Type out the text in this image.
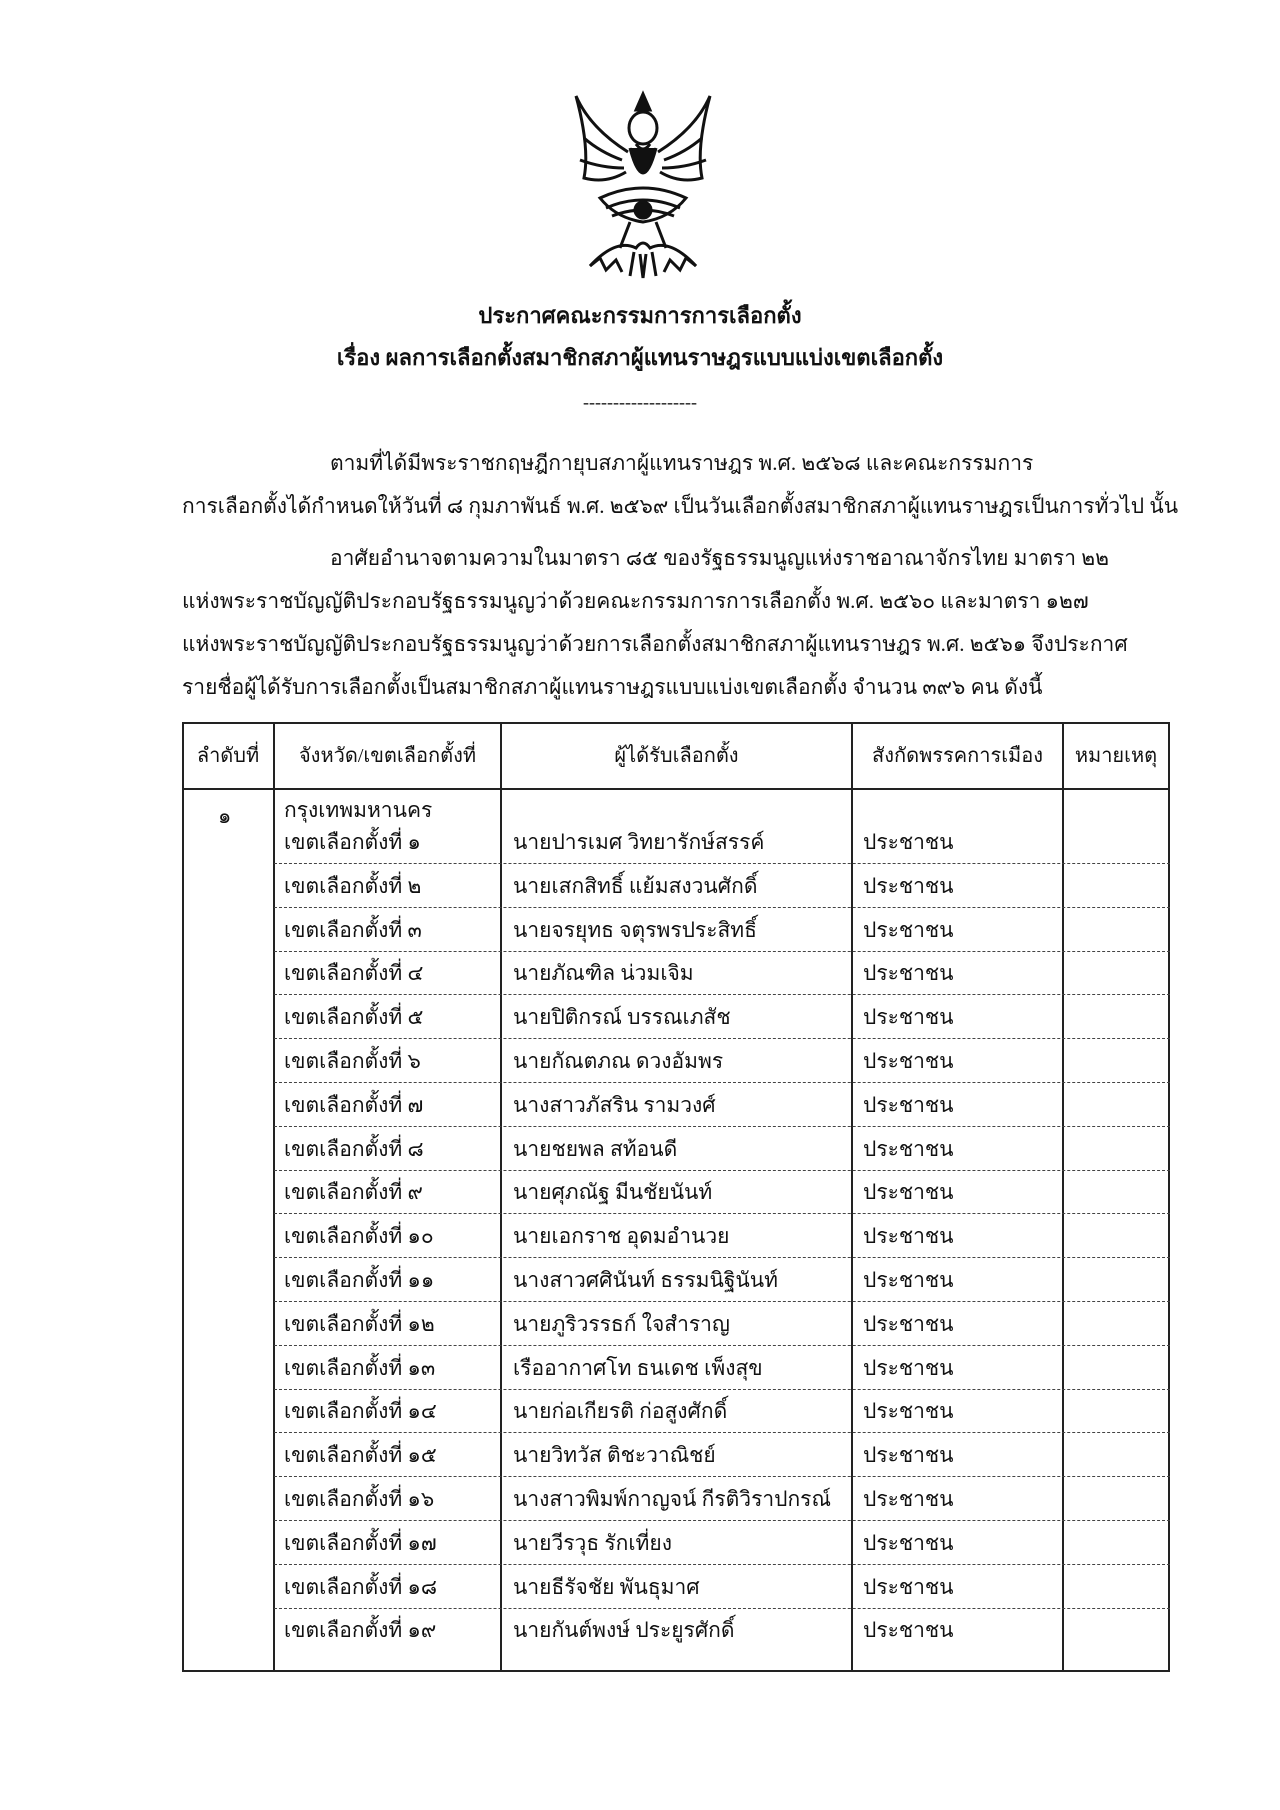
ประกาศคณะกรรมการการเลือกตั้ง
เรื่อง ผลการเลือกตั้งสมาชิกสภาผู้แทนราษฎรแบบแบ่งเขตเลือกตั้ง
-------------------
ตามที่ได้มีพระราชกฤษฎีกายุบสภาผู้แทนราษฎร พ.ศ. ๒๕๖๘ และคณะกรรมการ
การเลือกตั้งได้กำหนดให้วันที่ ๘ กุมภาพันธ์ พ.ศ. ๒๕๖๙ เป็นวันเลือกตั้งสมาชิกสภาผู้แทนราษฎรเป็นการทั่วไป นั้น
อาศัยอำนาจตามความในมาตรา ๘๕ ของรัฐธรรมนูญแห่งราชอาณาจักรไทย มาตรา ๒๒
แห่งพระราชบัญญัติประกอบรัฐธรรมนูญว่าด้วยคณะกรรมการการเลือกตั้ง พ.ศ. ๒๕๖๐ และมาตรา ๑๒๗
แห่งพระราชบัญญัติประกอบรัฐธรรมนูญว่าด้วยการเลือกตั้งสมาชิกสภาผู้แทนราษฎร พ.ศ. ๒๕๖๑ จึงประกาศ
รายชื่อผู้ได้รับการเลือกตั้งเป็นสมาชิกสภาผู้แทนราษฎรแบบแบ่งเขตเลือกตั้ง จำนวน ๓๙๖ คน ดังนี้
ลำดับที่	จังหวัด/เขตเลือกตั้งที่	ผู้ได้รับเลือกตั้ง	สังกัดพรรคการเมือง	หมายเหตุ
๑	กรุงเทพมหานคร
เขตเลือกตั้งที่ ๑	นายปารเมศ วิทยารักษ์สรรค์	ประชาชน
เขตเลือกตั้งที่ ๒	นายเสกสิทธิ์ แย้มสงวนศักดิ์	ประชาชน
เขตเลือกตั้งที่ ๓	นายจรยุทธ จตุรพรประสิทธิ์	ประชาชน
เขตเลือกตั้งที่ ๔	นายภัณฑิล น่วมเจิม	ประชาชน
เขตเลือกตั้งที่ ๕	นายปิติกรณ์ บรรณเภสัช	ประชาชน
เขตเลือกตั้งที่ ๖	นายกัณตภณ ดวงอัมพร	ประชาชน
เขตเลือกตั้งที่ ๗	นางสาวภัสริน รามวงศ์	ประชาชน
เขตเลือกตั้งที่ ๘	นายชยพล สท้อนดี	ประชาชน
เขตเลือกตั้งที่ ๙	นายศุภณัฐ มีนชัยนันท์	ประชาชน
เขตเลือกตั้งที่ ๑๐	นายเอกราช อุดมอำนวย	ประชาชน
เขตเลือกตั้งที่ ๑๑	นางสาวศศินันท์ ธรรมนิฐินันท์	ประชาชน
เขตเลือกตั้งที่ ๑๒	นายภูริวรรธก์ ใจสำราญ	ประชาชน
เขตเลือกตั้งที่ ๑๓	เรืออากาศโท ธนเดช เพ็งสุข	ประชาชน
เขตเลือกตั้งที่ ๑๔	นายก่อเกียรติ ก่อสูงศักดิ์	ประชาชน
เขตเลือกตั้งที่ ๑๕	นายวิทวัส ติชะวาณิชย์	ประชาชน
เขตเลือกตั้งที่ ๑๖	นางสาวพิมพ์กาญจน์ กีรติวิราปกรณ์ ประชาชน
เขตเลือกตั้งที่ ๑๗	นายวีรวุธ รักเที่ยง	ประชาชน
เขตเลือกตั้งที่ ๑๘	นายธีรัจชัย พันธุมาศ	ประชาชน
เขตเลือกตั้งที่ ๑๙	นายกันต์พงษ์ ประยูรศักดิ์	ประชาชน
